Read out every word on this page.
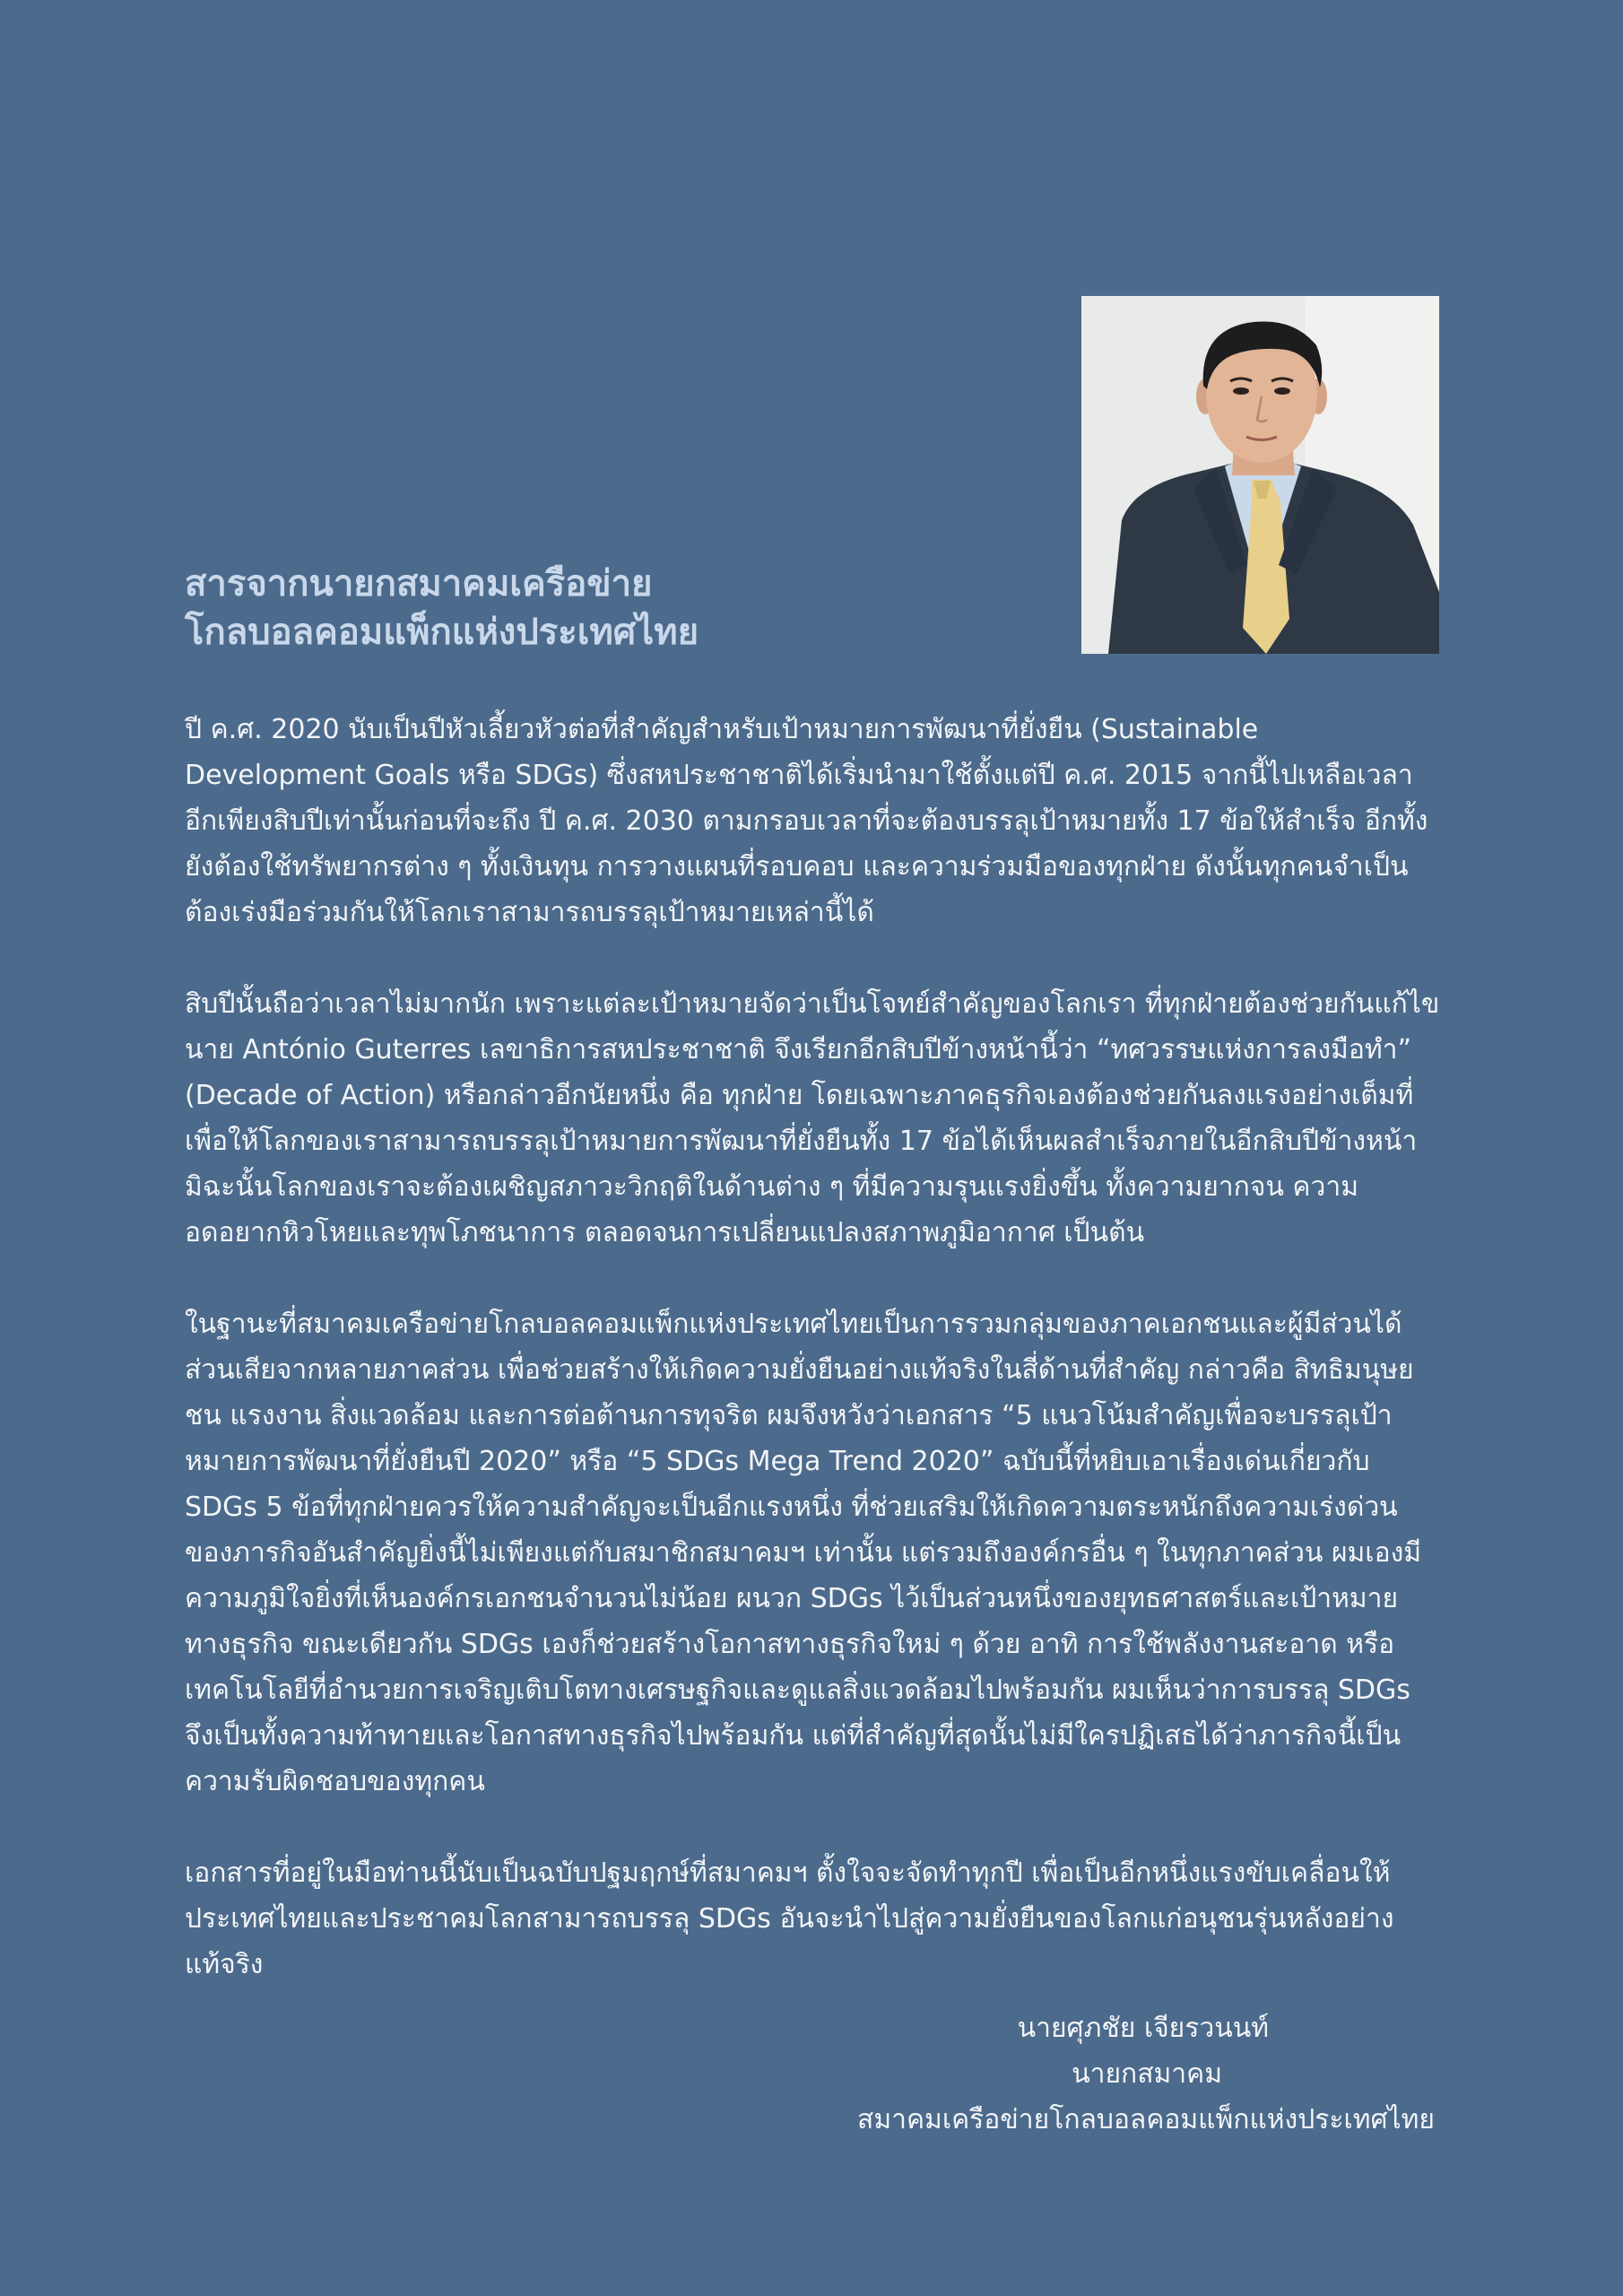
สารจากนายกสมาคมเครือข่าย
โกลบอลคอมแพ็กแห่งประเทศไทย

ปี ค.ศ. 2020 นับเป็นปีหัวเลี้ยวหัวต่อที่สำคัญสำหรับเป้าหมายการพัฒนาที่ยั่งยืน (Sustainable Development Goals หรือ SDGs) ซึ่งสหประชาชาติได้เริ่มนำมาใช้ตั้งแต่ปี ค.ศ. 2015 จากนี้ไปเหลือเวลาอีกเพียงสิบปีเท่านั้นก่อนที่จะถึง ปี ค.ศ. 2030 ตามกรอบเวลาที่จะต้องบรรลุเป้าหมายทั้ง 17 ข้อให้สำเร็จ อีกทั้งยังต้องใช้ทรัพยากรต่าง ๆ ทั้งเงินทุน การวางแผนที่รอบคอบ และความร่วมมือของทุกฝ่าย ดังนั้นทุกคนจำเป็นต้องเร่งมือร่วมกันให้โลกเราสามารถบรรลุเป้าหมายเหล่านี้ได้

สิบปีนั้นถือว่าเวลาไม่มากนัก เพราะแต่ละเป้าหมายจัดว่าเป็นโจทย์สำคัญของโลกเรา ที่ทุกฝ่ายต้องช่วยกันแก้ไข นาย António Guterres เลขาธิการสหประชาชาติ จึงเรียกอีกสิบปีข้างหน้านี้ว่า “ทศวรรษแห่งการลงมือทำ” (Decade of Action) หรือกล่าวอีกนัยหนึ่ง คือ ทุกฝ่าย โดยเฉพาะภาคธุรกิจเองต้องช่วยกันลงแรงอย่างเต็มที่เพื่อให้โลกของเราสามารถบรรลุเป้าหมายการพัฒนาที่ยั่งยืนทั้ง 17 ข้อได้เห็นผลสำเร็จภายในอีกสิบปีข้างหน้า มิฉะนั้นโลกของเราจะต้องเผชิญสภาวะวิกฤติในด้านต่าง ๆ ที่มีความรุนแรงยิ่งขึ้น ทั้งความยากจน ความอดอยากหิวโหยและทุพโภชนาการ ตลอดจนการเปลี่ยนแปลงสภาพภูมิอากาศ เป็นต้น

ในฐานะที่สมาคมเครือข่ายโกลบอลคอมแพ็กแห่งประเทศไทยเป็นการรวมกลุ่มของภาคเอกชนและผู้มีส่วนได้ส่วนเสียจากหลายภาคส่วน เพื่อช่วยสร้างให้เกิดความยั่งยืนอย่างแท้จริงในสี่ด้านที่สำคัญ กล่าวคือ สิทธิมนุษยชน แรงงาน สิ่งแวดล้อม และการต่อต้านการทุจริต ผมจึงหวังว่าเอกสาร “5 แนวโน้มสำคัญเพื่อจะบรรลุเป้าหมายการพัฒนาที่ยั่งยืนปี 2020” หรือ “5 SDGs Mega Trend 2020” ฉบับนี้ที่หยิบเอาเรื่องเด่นเกี่ยวกับ SDGs 5 ข้อที่ทุกฝ่ายควรให้ความสำคัญจะเป็นอีกแรงหนึ่ง ที่ช่วยเสริมให้เกิดความตระหนักถึงความเร่งด่วนของภารกิจอันสำคัญยิ่งนี้ไม่เพียงแต่กับสมาชิกสมาคมฯ เท่านั้น แต่รวมถึงองค์กรอื่น ๆ ในทุกภาคส่วน ผมเองมีความภูมิใจยิ่งที่เห็นองค์กรเอกชนจำนวนไม่น้อย ผนวก SDGs ไว้เป็นส่วนหนึ่งของยุทธศาสตร์และเป้าหมายทางธุรกิจ ขณะเดียวกัน SDGs เองก็ช่วยสร้างโอกาสทางธุรกิจใหม่ ๆ ด้วย อาทิ การใช้พลังงานสะอาด หรือเทคโนโลยีที่อำนวยการเจริญเติบโตทางเศรษฐกิจและดูแลสิ่งแวดล้อมไปพร้อมกัน ผมเห็นว่าการบรรลุ SDGs จึงเป็นทั้งความท้าทายและโอกาสทางธุรกิจไปพร้อมกัน แต่ที่สำคัญที่สุดนั้นไม่มีใครปฏิเสธได้ว่าภารกิจนี้เป็นความรับผิดชอบของทุกคน

เอกสารที่อยู่ในมือท่านนี้นับเป็นฉบับปฐมฤกษ์ที่สมาคมฯ ตั้งใจจะจัดทำทุกปี เพื่อเป็นอีกหนึ่งแรงขับเคลื่อนให้ประเทศไทยและประชาคมโลกสามารถบรรลุ SDGs อันจะนำไปสู่ความยั่งยืนของโลกแก่อนุชนรุ่นหลังอย่างแท้จริง

นายศุภชัย เจียรวนนท์
นายกสมาคม
สมาคมเครือข่ายโกลบอลคอมแพ็กแห่งประเทศไทย
